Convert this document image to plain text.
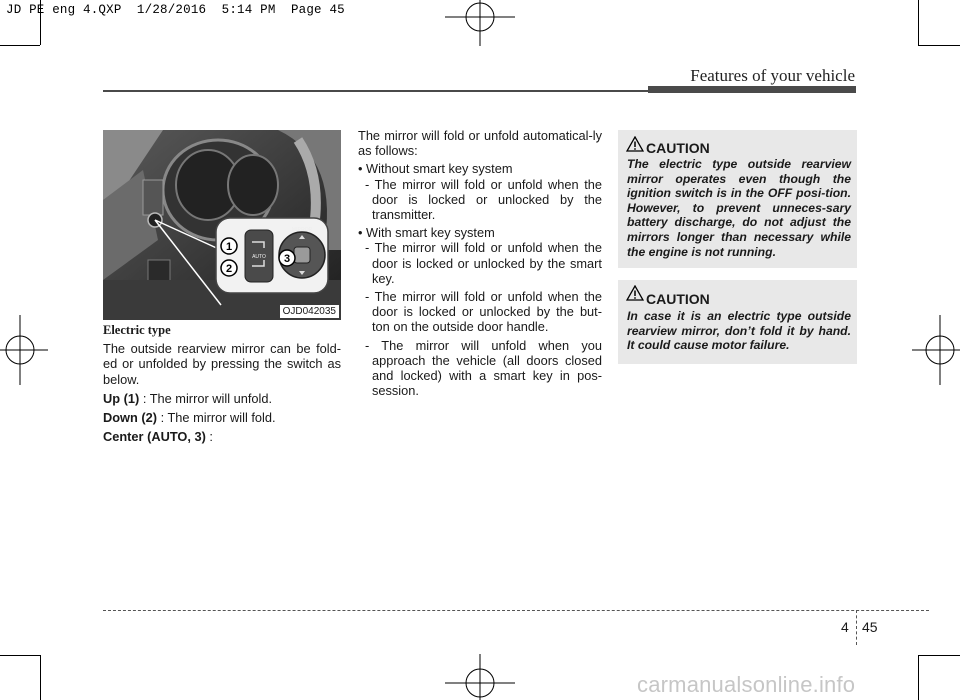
JD PE eng 4.QXP  1/28/2016  5:14 PM  Page 45
Features of your vehicle
1
2
3
MIRROR
AUTO
OJD042035
Electric type

The outside rearview mirror can be fold-ed or unfolded by pressing the switch as below.

Up (1) : The mirror will unfold.

Down (2) : The mirror will fold.

Center (AUTO, 3) :

The mirror will fold or unfold automatical-ly as follows:

• Without smart key system

- The mirror will fold or unfold when the door is locked or unlocked by the transmitter.

• With smart key system

- The mirror will fold or unfold when the door is locked or unlocked by the smart key.

- The mirror will fold or unfold when the door is locked or unlocked by the but-ton on the outside door handle.

- The mirror will unfold when you approach the vehicle (all doors closed and locked) with a smart key in pos-session.

CAUTION

The electric type outside rearview mirror operates even though the ignition switch is in the OFF posi-tion. However, to prevent unneces-sary battery discharge, do not adjust the mirrors longer than necessary while the engine is not running.

CAUTION

In case it is an electric type outside rearview mirror, don’t fold it by hand. It could cause motor failure.

4 45
carmanualsonline.info
